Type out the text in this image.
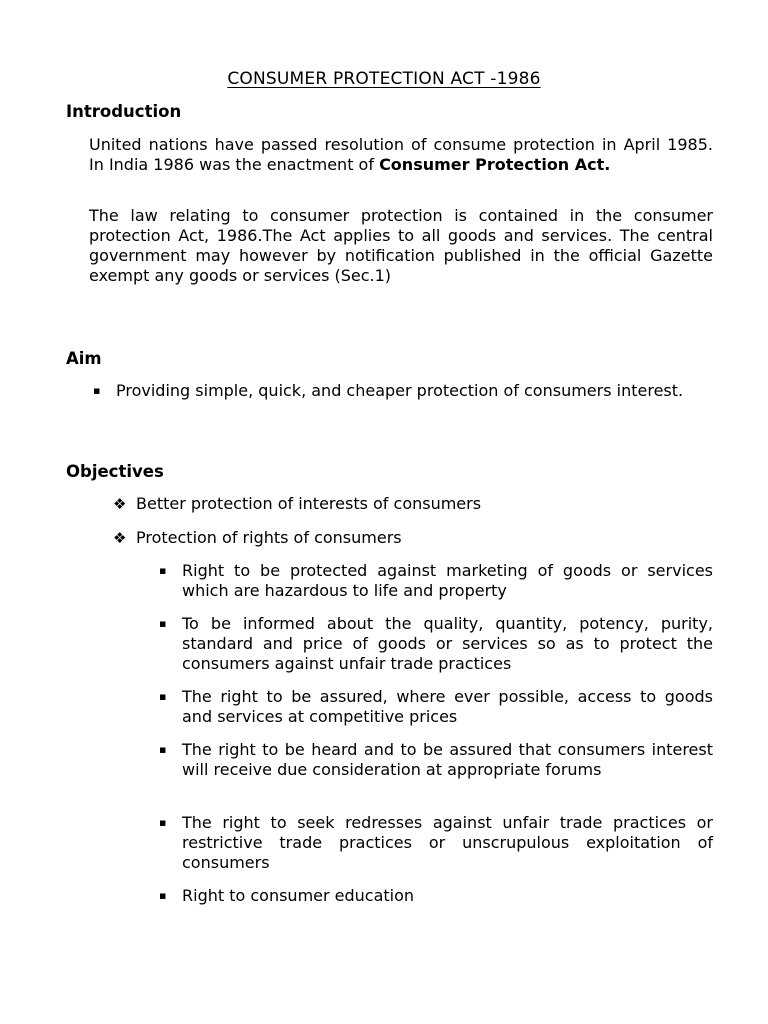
CONSUMER PROTECTION ACT -1986
Introduction
United nations have passed resolution of consume protection in April 1985. In India 1986 was the enactment of Consumer Protection Act.
The law relating to consumer protection is contained in the consumer protection Act, 1986.The Act applies to all goods and services. The central government may however by notification published in the official Gazette exempt any goods or services (Sec.1)
Aim
▪ Providing simple, quick, and cheaper protection of consumers interest.
Objectives
❖ Better protection of interests of consumers
❖ Protection of rights of consumers
▪ Right to be protected against marketing of goods or services which are hazardous to life and property
▪ To be informed about the quality, quantity, potency, purity, standard and price of goods or services so as to protect the consumers against unfair trade practices
▪ The right to be assured, where ever possible, access to goods and services at competitive prices
▪ The right to be heard and to be assured that consumers interest will receive due consideration at appropriate forums
▪ The right to seek redresses against unfair trade practices or restrictive trade practices or unscrupulous exploitation of consumers
▪ Right to consumer education
